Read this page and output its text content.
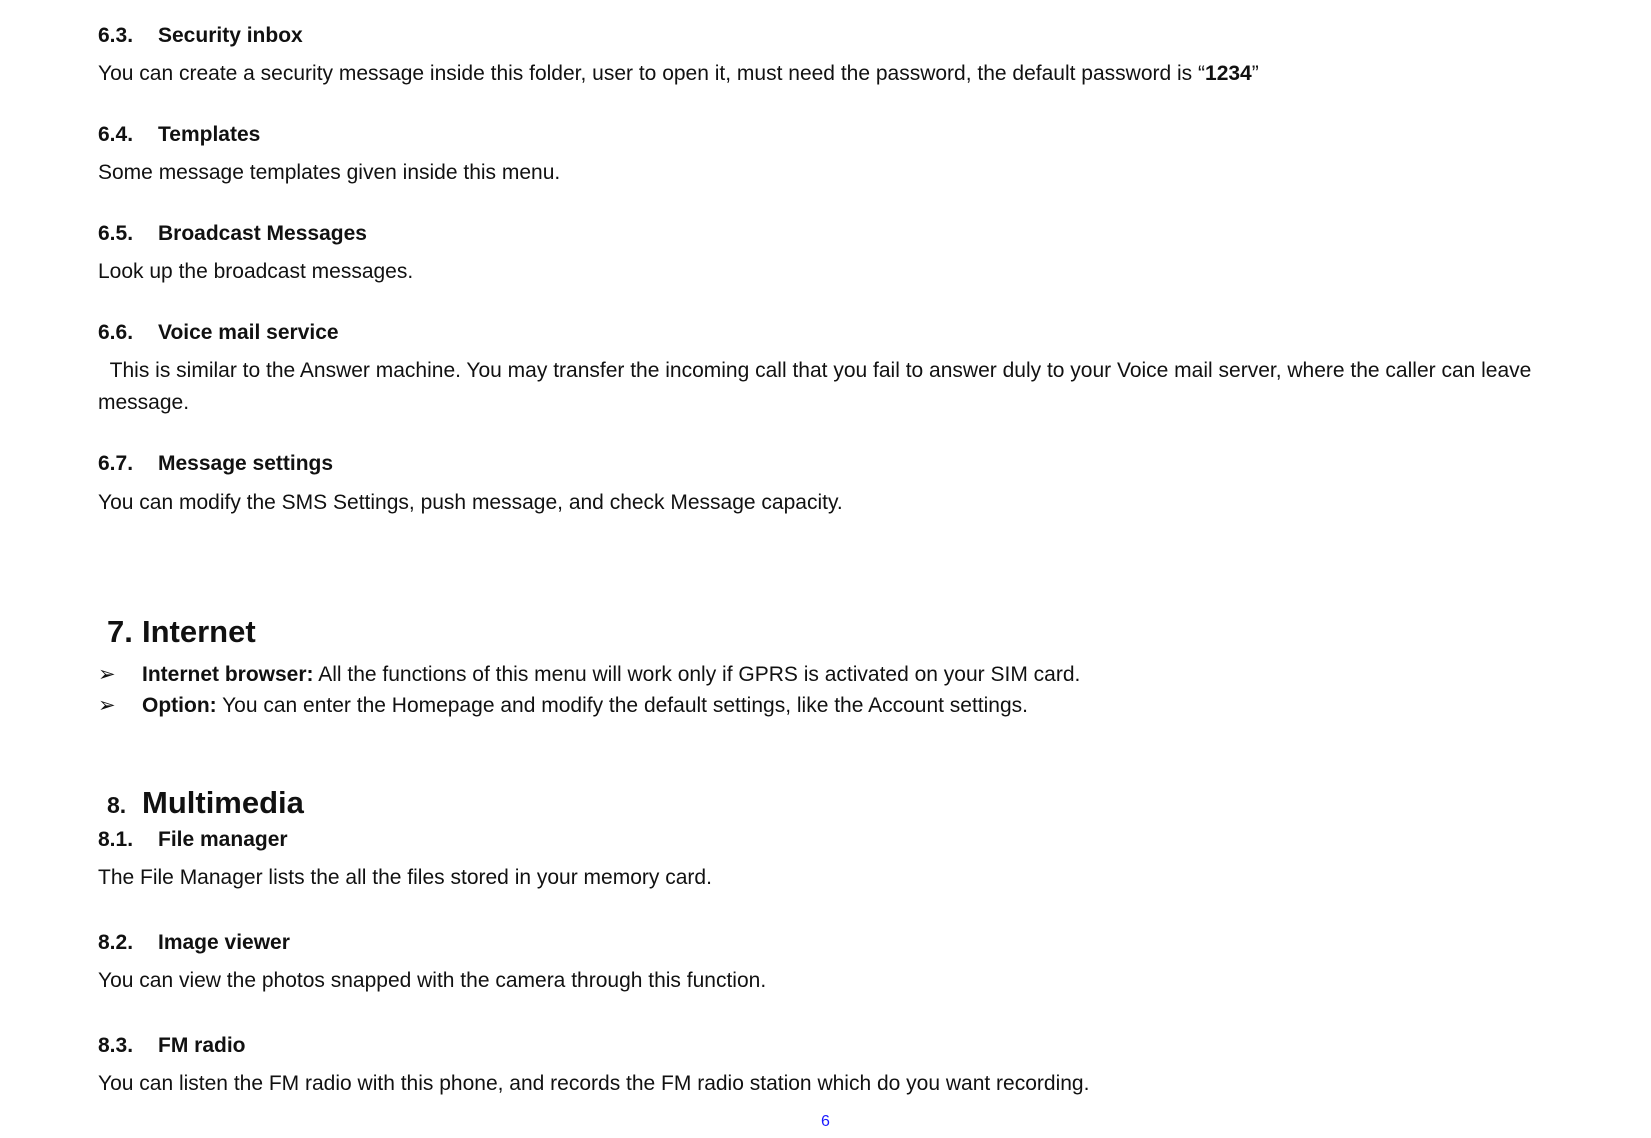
6.3. Security inbox
You can create a security message inside this folder, user to open it, must need the password, the default password is “1234”
6.4. Templates
Some message templates given inside this menu.
6.5. Broadcast Messages
Look up the broadcast messages.
6.6. Voice mail service
This is similar to the Answer machine. You may transfer the incoming call that you fail to answer duly to your Voice mail server, where the caller can leave message.
6.7. Message settings
You can modify the SMS Settings, push message, and check Message capacity.
7. Internet
➢ Internet browser: All the functions of this menu will work only if GPRS is activated on your SIM card.
➢ Option: You can enter the Homepage and modify the default settings, like the Account settings.
8. Multimedia
8.1. File manager
The File Manager lists the all the files stored in your memory card.
8.2. Image viewer
You can view the photos snapped with the camera through this function.
8.3. FM radio
You can listen the FM radio with this phone, and records the FM radio station which do you want recording.
6
